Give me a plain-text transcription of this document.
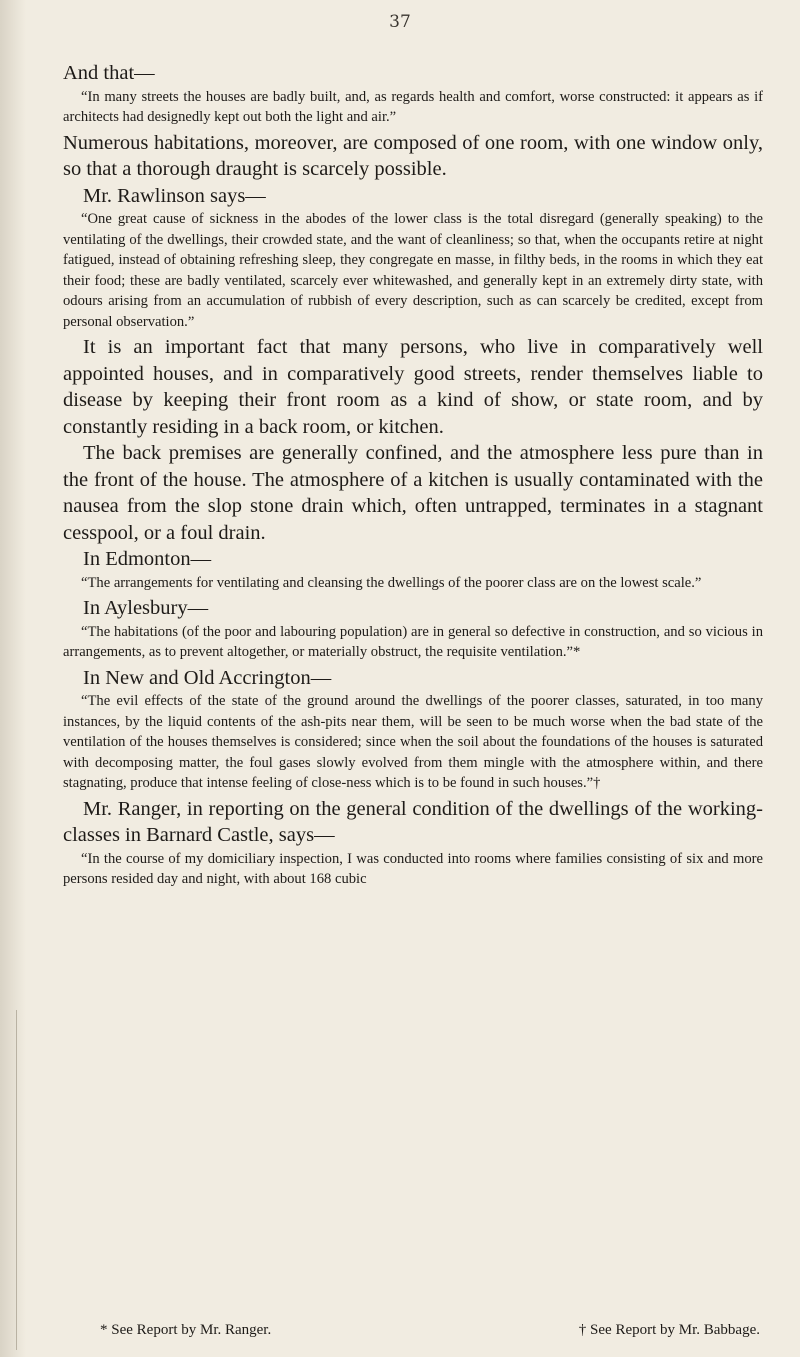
37

And that—

“In many streets the houses are badly built, and, as regards health and comfort, worse constructed: it appears as if architects had designedly kept out both the light and air.”

Numerous habitations, moreover, are composed of one room, with one window only, so that a thorough draught is scarcely possible.

Mr. Rawlinson says—

“One great cause of sickness in the abodes of the lower class is the total disregard (generally speaking) to the ventilating of the dwellings, their crowded state, and the want of cleanliness; so that, when the occupants retire at night fatigued, instead of obtaining refreshing sleep, they congregate en masse, in filthy beds, in the rooms in which they eat their food; these are badly ventilated, scarcely ever whitewashed, and generally kept in an extremely dirty state, with odours arising from an accumulation of rubbish of every description, such as can scarcely be credited, except from personal observation.”

It is an important fact that many persons, who live in comparatively well appointed houses, and in comparatively good streets, render themselves liable to disease by keeping their front room as a kind of show, or state room, and by constantly residing in a back room, or kitchen.

The back premises are generally confined, and the atmosphere less pure than in the front of the house. The atmosphere of a kitchen is usually contaminated with the nausea from the slop stone drain which, often untrapped, terminates in a stagnant cesspool, or a foul drain.

In Edmonton—

“The arrangements for ventilating and cleansing the dwellings of the poorer class are on the lowest scale.”

In Aylesbury—

“The habitations (of the poor and labouring population) are in general so defective in construction, and so vicious in arrangements, as to prevent altogether, or materially obstruct, the requisite ventilation.”*

In New and Old Accrington—

“The evil effects of the state of the ground around the dwellings of the poorer classes, saturated, in too many instances, by the liquid contents of the ash-pits near them, will be seen to be much worse when the bad state of the ventilation of the houses themselves is considered; since when the soil about the foundations of the houses is saturated with decomposing matter, the foul gases slowly evolved from them mingle with the atmosphere within, and there stagnating, produce that intense feeling of close-ness which is to be found in such houses.”†

Mr. Ranger, in reporting on the general condition of the dwellings of the working-classes in Barnard Castle, says—

“In the course of my domiciliary inspection, I was conducted into rooms where families consisting of six and more persons resided day and night, with about 168 cubic

* See Report by Mr. Ranger.	† See Report by Mr. Babbage.
